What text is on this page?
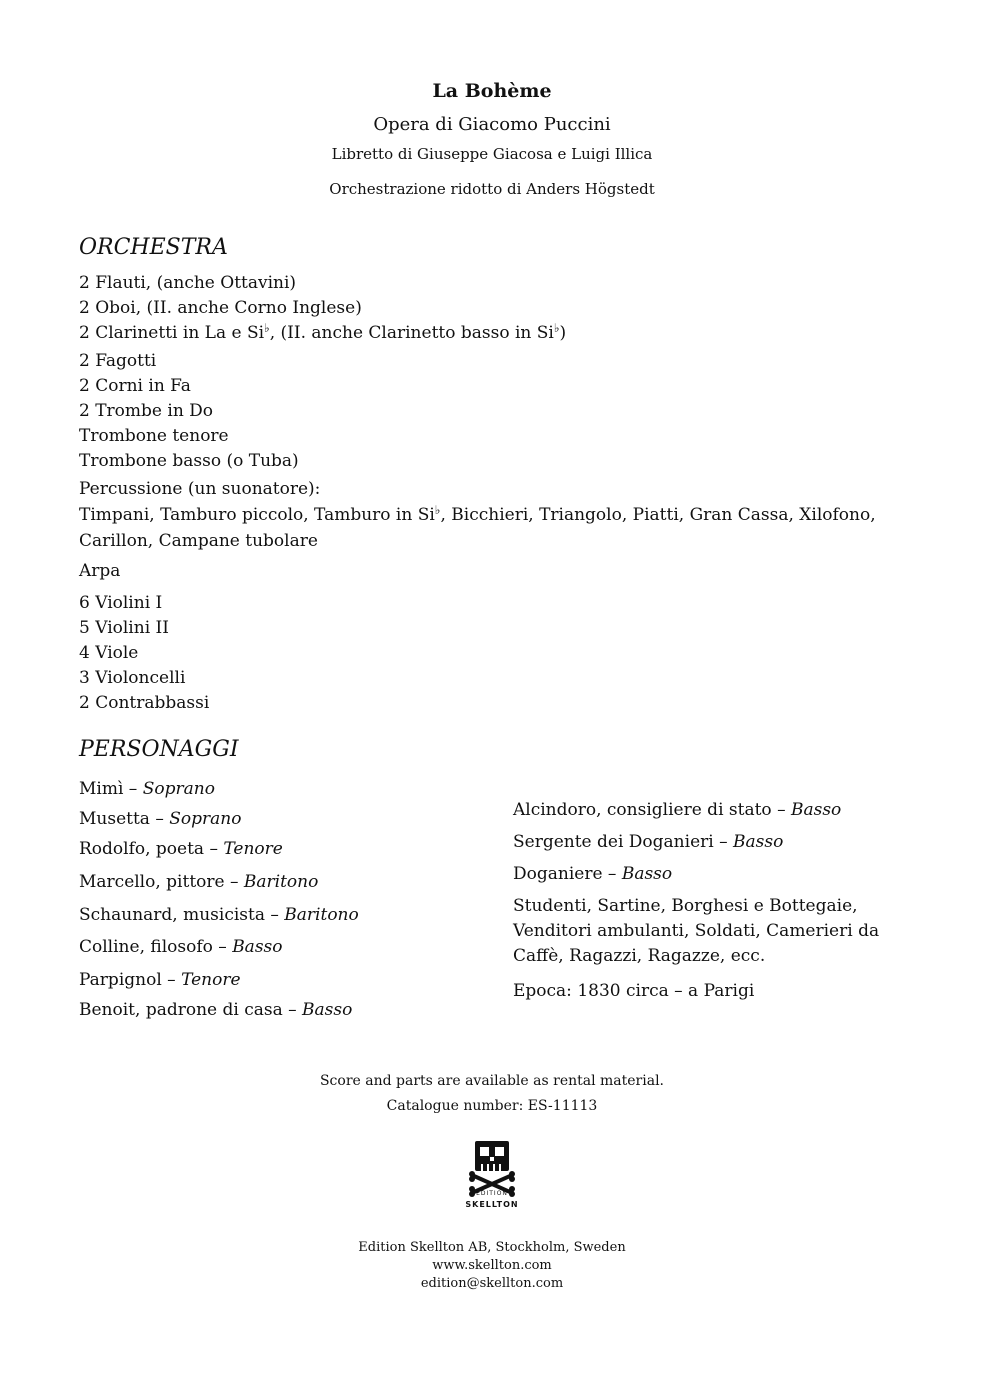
La Bohème
Opera di Giacomo Puccini
Libretto di Giuseppe Giacosa e Luigi Illica
Orchestrazione ridotto di Anders Högstedt
ORCHESTRA
2 Flauti, (anche Ottavini)
2 Oboi, (II. anche Corno Inglese)
2 Clarinetti in La e Si♭, (II. anche Clarinetto basso in Si♭)
2 Fagotti
2 Corni in Fa
2 Trombe in Do
Trombone tenore
Trombone basso (o Tuba)
Percussione (un suonatore):
Timpani, Tamburo piccolo, Tamburo in Si♭, Bicchieri, Triangolo, Piatti, Gran Cassa, Xilofono,
Carillon, Campane tubolare
Arpa
6 Violini I
5 Violini II
4 Viole
3 Violoncelli
2 Contrabbassi
PERSONAGGI
Mimì – Soprano
Musetta – Soprano
Rodolfo, poeta – Tenore
Marcello, pittore – Baritono
Schaunard, musicista – Baritono
Colline, filosofo – Basso
Parpignol – Tenore
Benoit, padrone di casa – Basso
Alcindoro, consigliere di stato – Basso
Sergente dei Doganieri – Basso
Doganiere – Basso
Studenti, Sartine, Borghesi e Bottegaie,
Venditori ambulanti, Soldati, Camerieri da
Caffè, Ragazzi, Ragazze, ecc.
Epoca: 1830 circa – a Parigi
Score and parts are available as rental material.
Catalogue number: ES-11113
EDITION
SKELLTON
Edition Skellton AB, Stockholm, Sweden
www.skellton.com
edition@skellton.com
